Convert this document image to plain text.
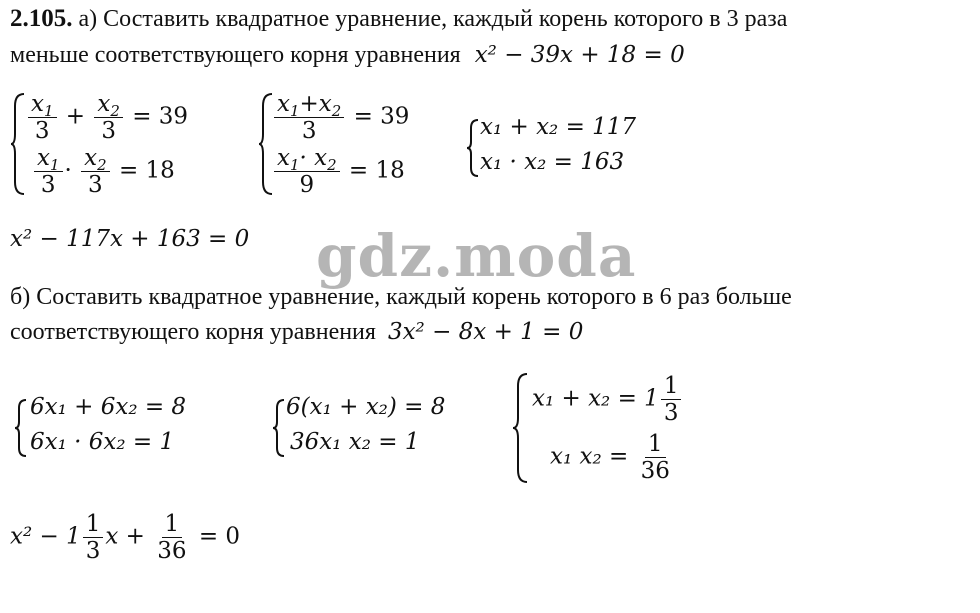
2.105. а) Составить квадратное уравнение, каждый корень которого в 3 раза
меньше соответствующего корня уравнения x² − 39x + 18 = 0
$\frac{x_1}{3} + \frac{x_2}{3} = 39$
$\frac{x_1}{3} \cdot \frac{x_2}{3} = 18$
$\frac{x_1+x_2}{3} = 39$
$\frac{x_1\cdot x_2}{9} = 18$
x₁ + x₂ = 117
x₁ · x₂ = 163
x² − 117x + 163 = 0 gdz.moda
б) Составить квадратное уравнение, каждый корень которого в 6 раз больше
соответствующего корня уравнения 3x² − 8x + 1 = 0
6x₁ + 6x₂ = 8
6x₁ · 6x₂ = 1
6(x₁ + x₂) = 8
36x₁ x₂ = 1
$x_1 + x_2 = 1 \frac{1}{3}$
x₁ $x_2 = \frac{1}{36}$
$x^2 - 1 \frac{1}{3}$ $x + \frac{1}{36} = 0$
